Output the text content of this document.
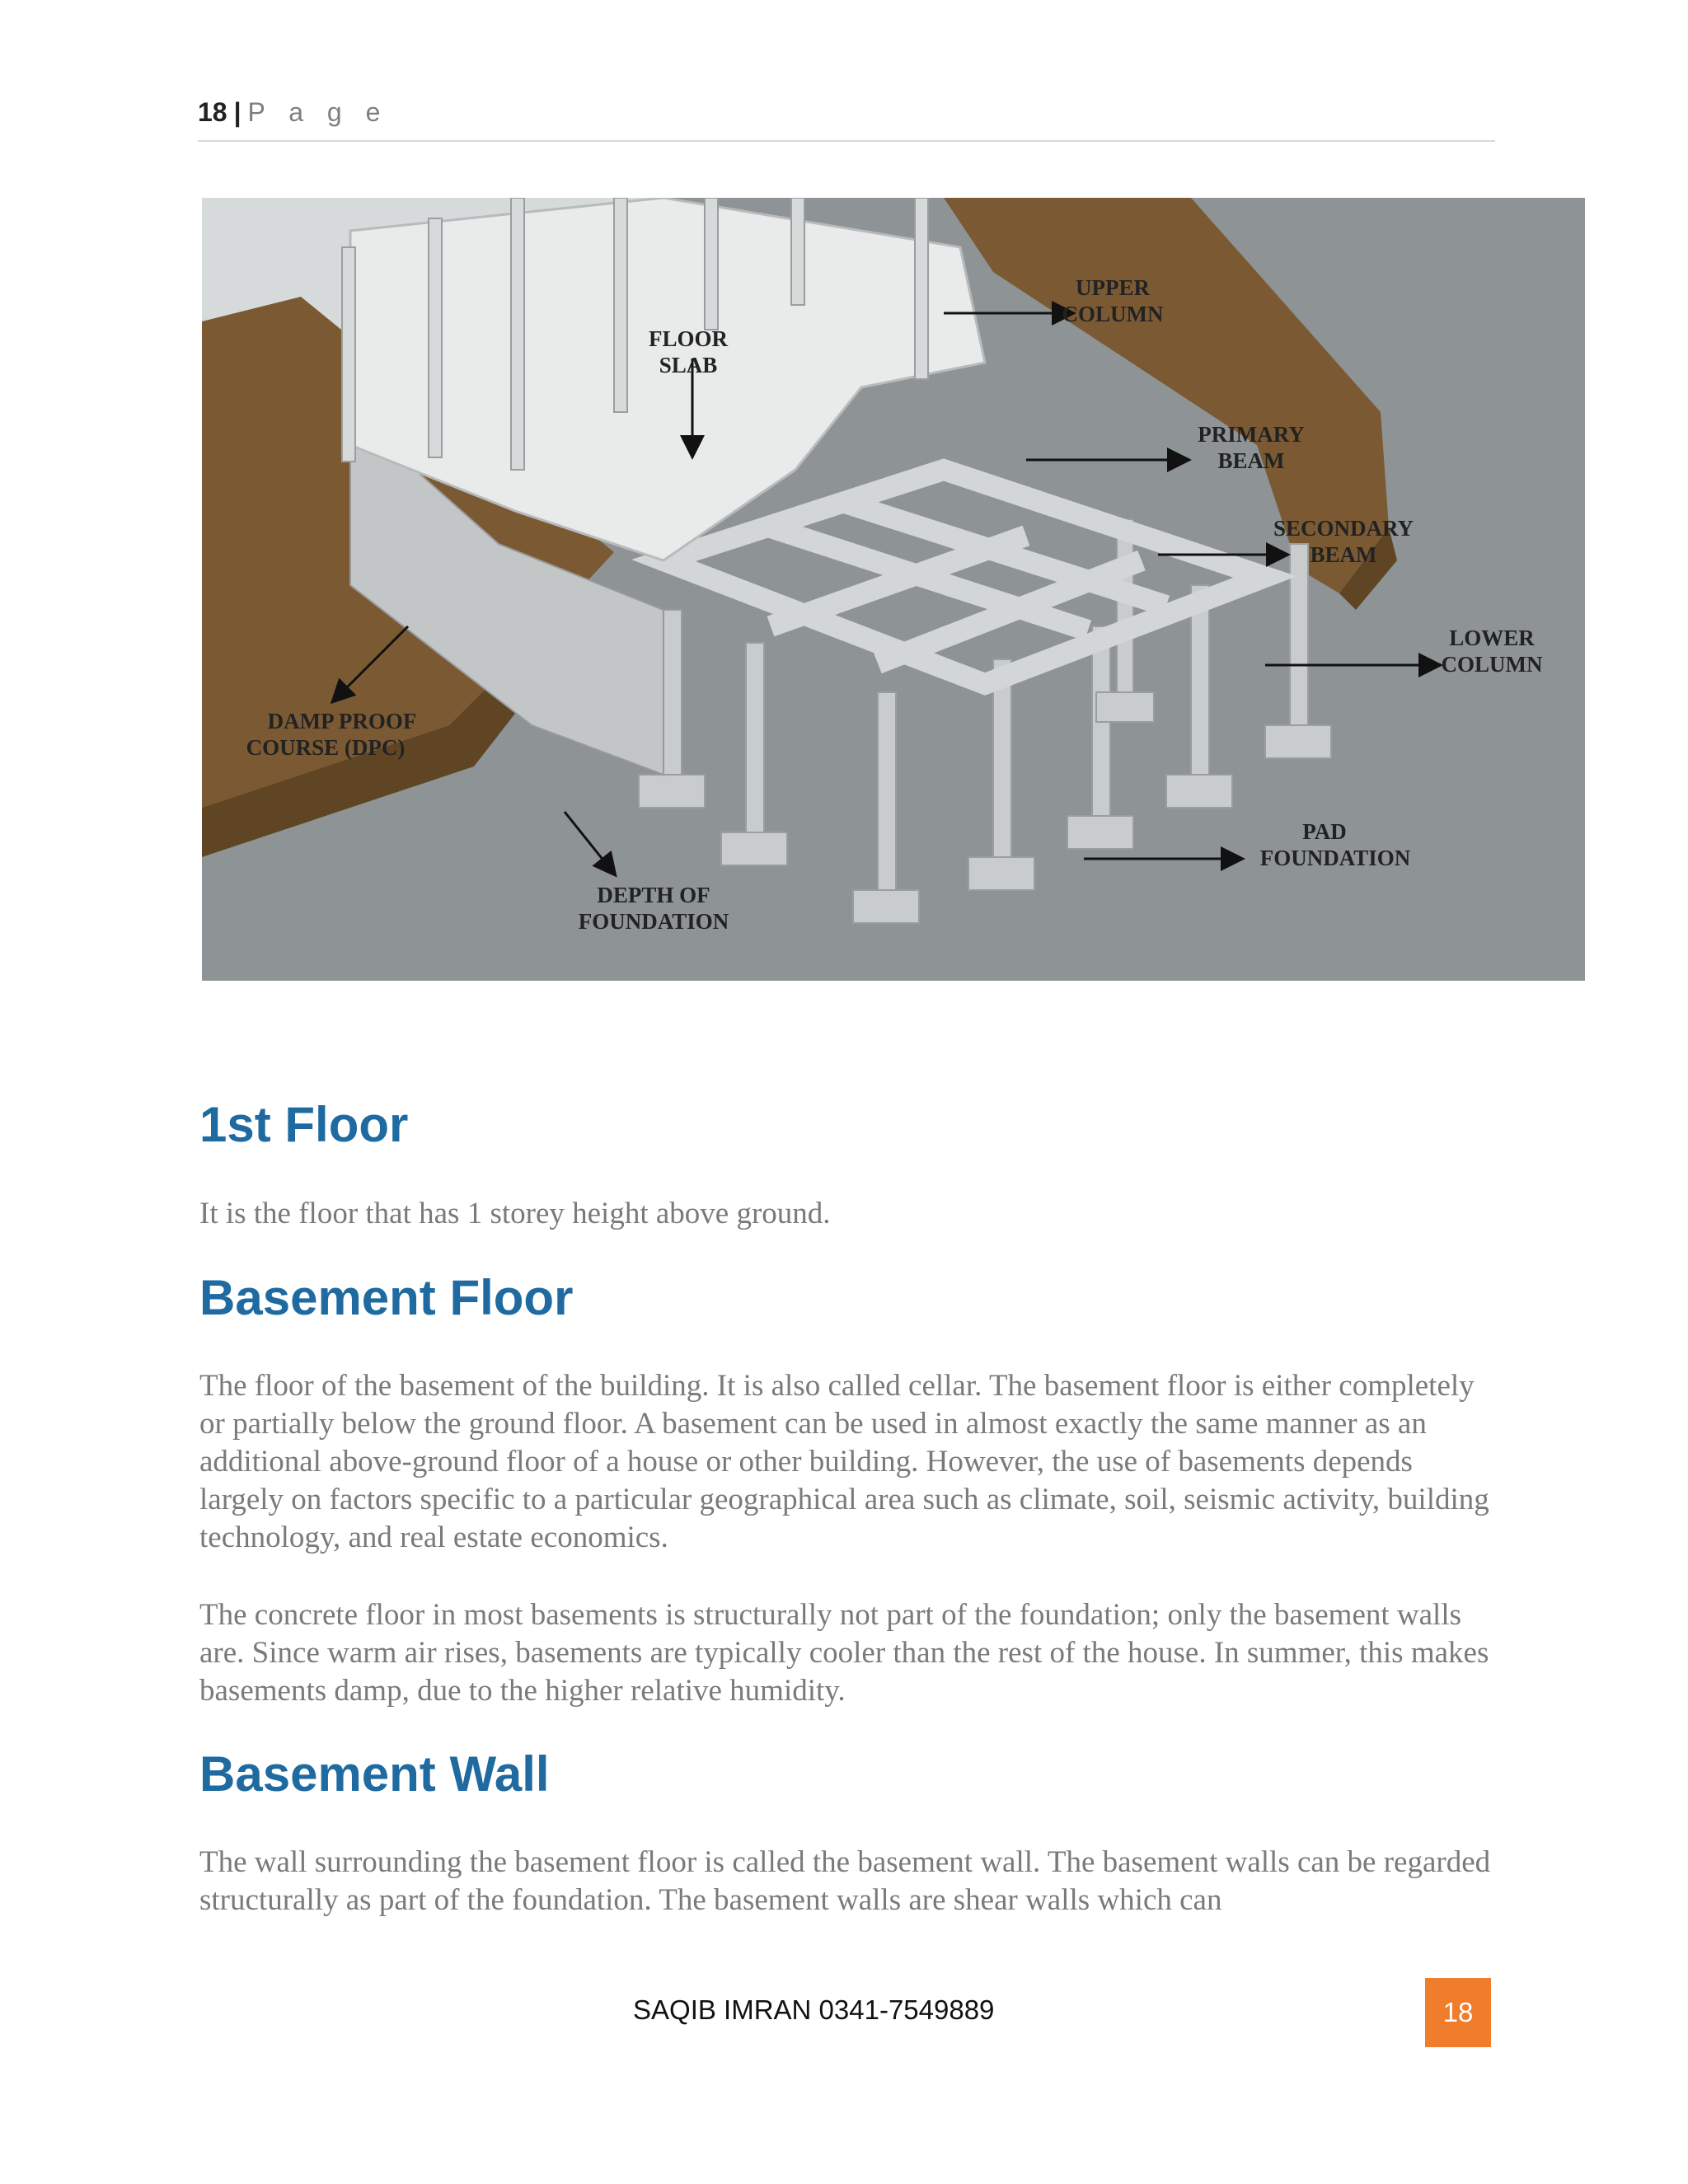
18 | P a g e
FLOOR SLAB
UPPER COLUMN
PRIMARY BEAM
SECONDARY BEAM
LOWER COLUMN
DAMP PROOF COURSE (DPC)
PAD FOUNDATION
DEPTH OF FOUNDATION
1st Floor

It is the floor that has 1 storey height above ground.

Basement Floor

The floor of the basement of the building. It is also called cellar. The basement floor is either completely or partially below the ground floor. A basement can be used in almost exactly the same manner as an additional above-ground floor of a house or other building. However, the use of basements depends largely on factors specific to a particular geographical area such as climate, soil, seismic activity, building technology, and real estate economics.

The concrete floor in most basements is structurally not part of the foundation; only the basement walls are. Since warm air rises, basements are typically cooler than the rest of the house. In summer, this makes basements damp, due to the higher relative humidity.

Basement Wall

The wall surrounding the basement floor is called the basement wall. The basement walls can be regarded structurally as part of the foundation. The basement walls are shear walls which can

SAQIB IMRAN 0341-7549889	18
